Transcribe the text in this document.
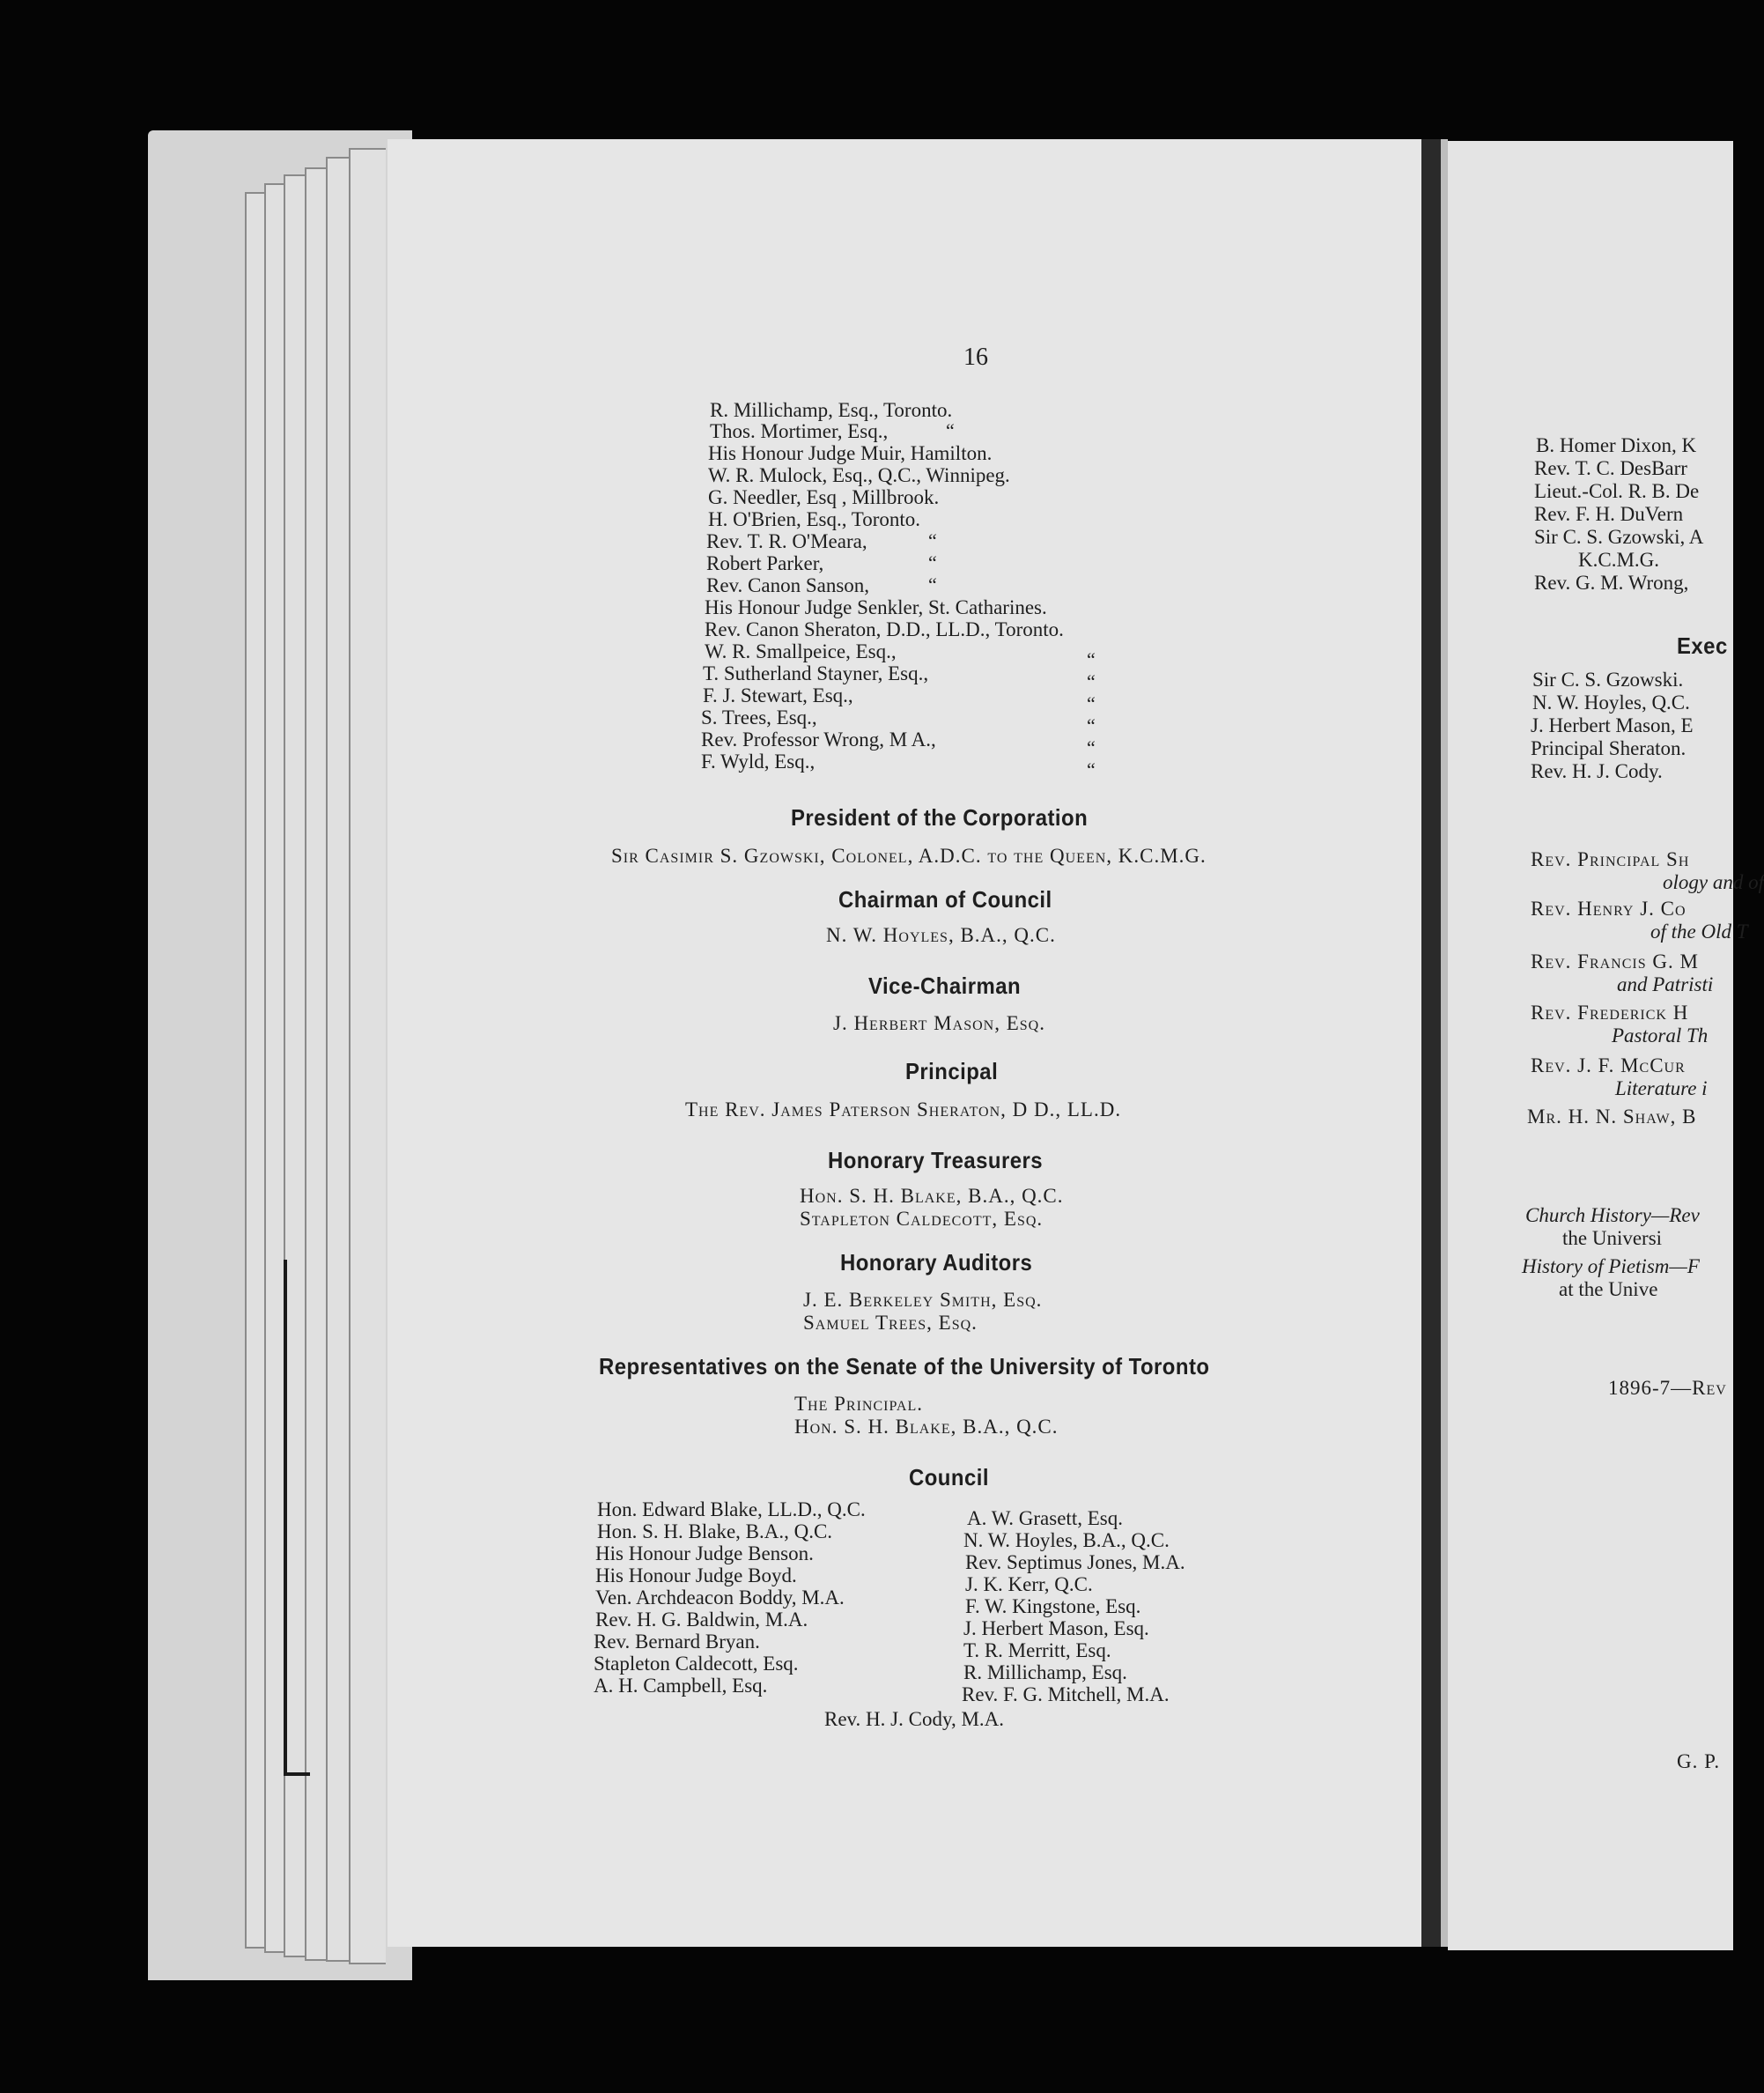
16
R. Millichamp, Esq., Toronto.
Thos. Mortimer, Esq.,
His Honour Judge Muir, Hamilton.
W. R. Mulock, Esq., Q.C., Winnipeg.
G. Needler, Esq , Millbrook.
H. O'Brien, Esq., Toronto.
Rev. T. R. O'Meara,
Robert Parker,
Rev. Canon Sanson,
His Honour Judge Senkler, St. Catharines.
Rev. Canon Sheraton, D.D., LL.D., Toronto.
W. R. Smallpeice, Esq.,
T. Sutherland Stayner, Esq.,
F. J. Stewart, Esq.,
S. Trees, Esq.,
Rev. Professor Wrong, M A.,
F. Wyld, Esq.,
“
“
“
“
“
“
“
“
“
“
President of the Corporation
Sir Casimir S. Gzowski, Colonel, A.D.C. to the Queen, K.C.M.G.
Chairman of Council
N. W. Hoyles, B.A., Q.C.
Vice-Chairman
J. Herbert Mason, Esq.
Principal
The Rev. James Paterson Sheraton, D D., LL.D.
Honorary Treasurers
Hon. S. H. Blake, B.A., Q.C.
Stapleton Caldecott, Esq.
Honorary Auditors
J. E. Berkeley Smith, Esq.
Samuel Trees, Esq.
Representatives on the Senate of the University of Toronto
The Principal.
Hon. S. H. Blake, B.A., Q.C.
Council
Hon. Edward Blake, LL.D., Q.C.
Hon. S. H. Blake, B.A., Q.C.
His Honour Judge Benson.
His Honour Judge Boyd.
Ven. Archdeacon Boddy, M.A.
Rev. H. G. Baldwin, M.A.
Rev. Bernard Bryan.
Stapleton Caldecott, Esq.
A. H. Campbell, Esq.
A. W. Grasett, Esq.
N. W. Hoyles, B.A., Q.C.
Rev. Septimus Jones, M.A.
J. K. Kerr, Q.C.
F. W. Kingstone, Esq.
J. Herbert Mason, Esq.
T. R. Merritt, Esq.
R. Millichamp, Esq.
Rev. F. G. Mitchell, M.A.
Rev. H. J. Cody, M.A.
B. Homer Dixon, K
Rev. T. C. DesBarr
Lieut.-Col. R. B. De
Rev. F. H. DuVern
Sir C. S. Gzowski, A
K.C.M.G.
Rev. G. M. Wrong,
Exec
Sir C. S. Gzowski.
N. W. Hoyles, Q.C.
J. Herbert Mason, E
Principal Sheraton.
Rev. H. J. Cody.
Rev. Principal Sh
ology and of
Rev. Henry J. Co
of the Old T
Rev. Francis G. M
and Patristi
Rev. Frederick H
Pastoral Th
Rev. J. F. McCur
Literature i
Mr. H. N. Shaw, B
Church History—Rev
the Universi
History of Pietism—F
at the Unive
1896-7—Rev
G. P.
